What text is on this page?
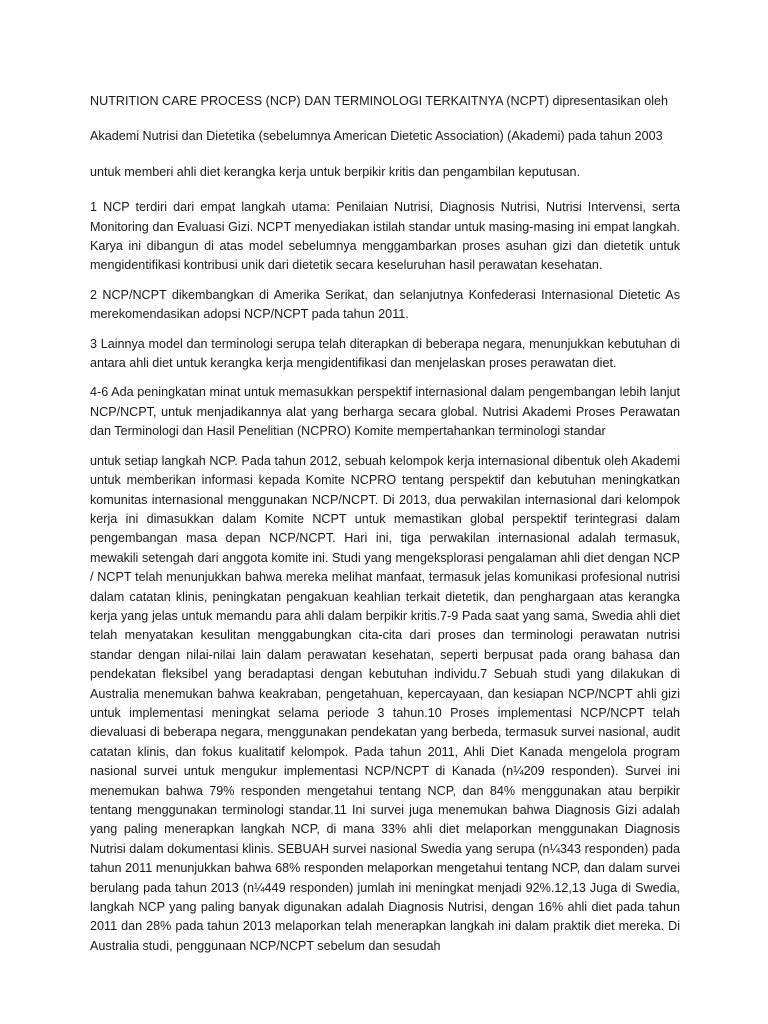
NUTRITION CARE PROCESS (NCP) DAN TERMINOLOGI TERKAITNYA (NCPT) dipresentasikan oleh

Akademi Nutrisi dan Dietetika (sebelumnya American Dietetic Association) (Akademi) pada tahun 2003

untuk memberi ahli diet kerangka kerja untuk berpikir kritis dan pengambilan keputusan.

1 NCP terdiri dari empat langkah utama: Penilaian Nutrisi, Diagnosis Nutrisi, Nutrisi Intervensi, serta Monitoring dan Evaluasi Gizi. NCPT menyediakan istilah standar untuk masing-masing ini empat langkah. Karya ini dibangun di atas model sebelumnya menggambarkan proses asuhan gizi dan dietetik untuk mengidentifikasi kontribusi unik dari dietetik secara keseluruhan hasil perawatan kesehatan.

2 NCP/NCPT dikembangkan di Amerika Serikat, dan selanjutnya Konfederasi Internasional Dietetic As merekomendasikan adopsi NCP/NCPT pada tahun 2011.

3 Lainnya model dan terminologi serupa telah diterapkan di beberapa negara, menunjukkan kebutuhan di antara ahli diet untuk kerangka kerja mengidentifikasi dan menjelaskan proses perawatan diet.

4-6 Ada peningkatan minat untuk memasukkan perspektif internasional dalam pengembangan lebih lanjut NCP/NCPT, untuk menjadikannya alat yang berharga secara global. Nutrisi Akademi Proses Perawatan dan Terminologi dan Hasil Penelitian (NCPRO) Komite mempertahankan terminologi standar

untuk setiap langkah NCP. Pada tahun 2012, sebuah kelompok kerja internasional dibentuk oleh Akademi untuk memberikan informasi kepada Komite NCPRO tentang perspektif dan kebutuhan meningkatkan komunitas internasional menggunakan NCP/NCPT. Di 2013, dua perwakilan internasional dari kelompok kerja ini dimasukkan dalam Komite NCPT untuk memastikan global perspektif terintegrasi dalam pengembangan masa depan NCP/NCPT. Hari ini, tiga perwakilan internasional adalah termasuk, mewakili setengah dari anggota komite ini. Studi yang mengeksplorasi pengalaman ahli diet dengan NCP / NCPT telah menunjukkan bahwa mereka melihat manfaat, termasuk jelas komunikasi profesional nutrisi dalam catatan klinis, peningkatan pengakuan keahlian terkait dietetik, dan penghargaan atas kerangka kerja yang jelas untuk memandu para ahli dalam berpikir kritis.7-9 Pada saat yang sama, Swedia ahli diet telah menyatakan kesulitan menggabungkan cita-cita dari proses dan terminologi perawatan nutrisi standar dengan nilai-nilai lain dalam perawatan kesehatan, seperti berpusat pada orang bahasa dan pendekatan fleksibel yang beradaptasi dengan kebutuhan individu.7 Sebuah studi yang dilakukan di Australia menemukan bahwa keakraban, pengetahuan, kepercayaan, dan kesiapan NCP/NCPT ahli gizi untuk implementasi meningkat selama periode 3 tahun.10 Proses implementasi NCP/NCPT telah dievaluasi di beberapa negara, menggunakan pendekatan yang berbeda, termasuk survei nasional, audit catatan klinis, dan fokus kualitatif kelompok. Pada tahun 2011, Ahli Diet Kanada mengelola program nasional survei untuk mengukur implementasi NCP/NCPT di Kanada (n¼209 responden). Survei ini menemukan bahwa 79% responden mengetahui tentang NCP, dan 84% menggunakan atau berpikir tentang menggunakan terminologi standar.11 Ini survei juga menemukan bahwa Diagnosis Gizi adalah yang paling menerapkan langkah NCP, di mana 33% ahli diet melaporkan menggunakan Diagnosis Nutrisi dalam dokumentasi klinis. SEBUAH survei nasional Swedia yang serupa (n¼343 responden) pada tahun 2011 menunjukkan bahwa 68% responden melaporkan mengetahui tentang NCP, dan dalam survei berulang pada tahun 2013 (n¼449 responden) jumlah ini meningkat menjadi 92%.12,13 Juga di Swedia, langkah NCP yang paling banyak digunakan adalah Diagnosis Nutrisi, dengan 16% ahli diet pada tahun 2011 dan 28% pada tahun 2013 melaporkan telah menerapkan langkah ini dalam praktik diet mereka. Di Australia studi, penggunaan NCP/NCPT sebelum dan sesudah
